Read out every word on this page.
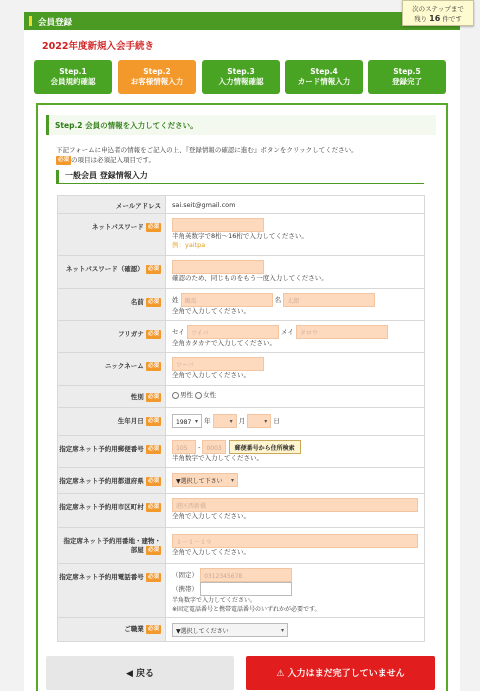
会員登録
次のステップまで
残り 16 件です
2022年度新規入会手続き
Step.1
会員規約確認
Step.2
お客様情報入力
Step.3
入力情報確認
Step.4
カード情報入力
Step.5
登録完了
Step.2 会員の情報を入力してください。
下記フォームに申込者の情報をご記入の上、『登録情報の確認に進む』ボタンをクリックしてください。
必須 の項目は必須記入項目です。
一般会員 登録情報入力
メールアドレス	sai.seit@gmail.com
ネットパスワード 必須	半角英数字で8桁～16桁で入力してください。
例：yaitpa
ネットパスワード（確認） 必須	確認のため、同じものをもう一度入力してください。
名前 必須	姓 鶴馬 名 太郎
全角で入力してください。
フリガナ 必須	セイ ツイバ メイ タロウ
全角カタカナで入力してください。
ニックネーム 必須	ツーバ
全角で入力してください。
性別 必須	男性 女性
生年月日 必須	1987 ▾ 年 ▾ 月 ▾ 日
指定席ネット予約用郵便番号 必須	105 - 0003 郵便番号から住所検索
半角数字で入力してください。
指定席ネット予約用都道府県 必須	▼選択して下さい ▾
指定席ネット予約用市区町村 必須	港区西新橋
全角で入力してください。
指定席ネット予約用番地・建物・部屋 必須	１－１－１９
全角で入力してください。
指定席ネット予約用電話番号 必須	（固定） 0312345678
（携帯）
半角数字で入力してください。
※固定電話番号と携帯電話番号のいずれかが必要です。
ご職業 必須	▼選択してください ▾
◀ 戻る	⚠ 入力はまだ完了していません
